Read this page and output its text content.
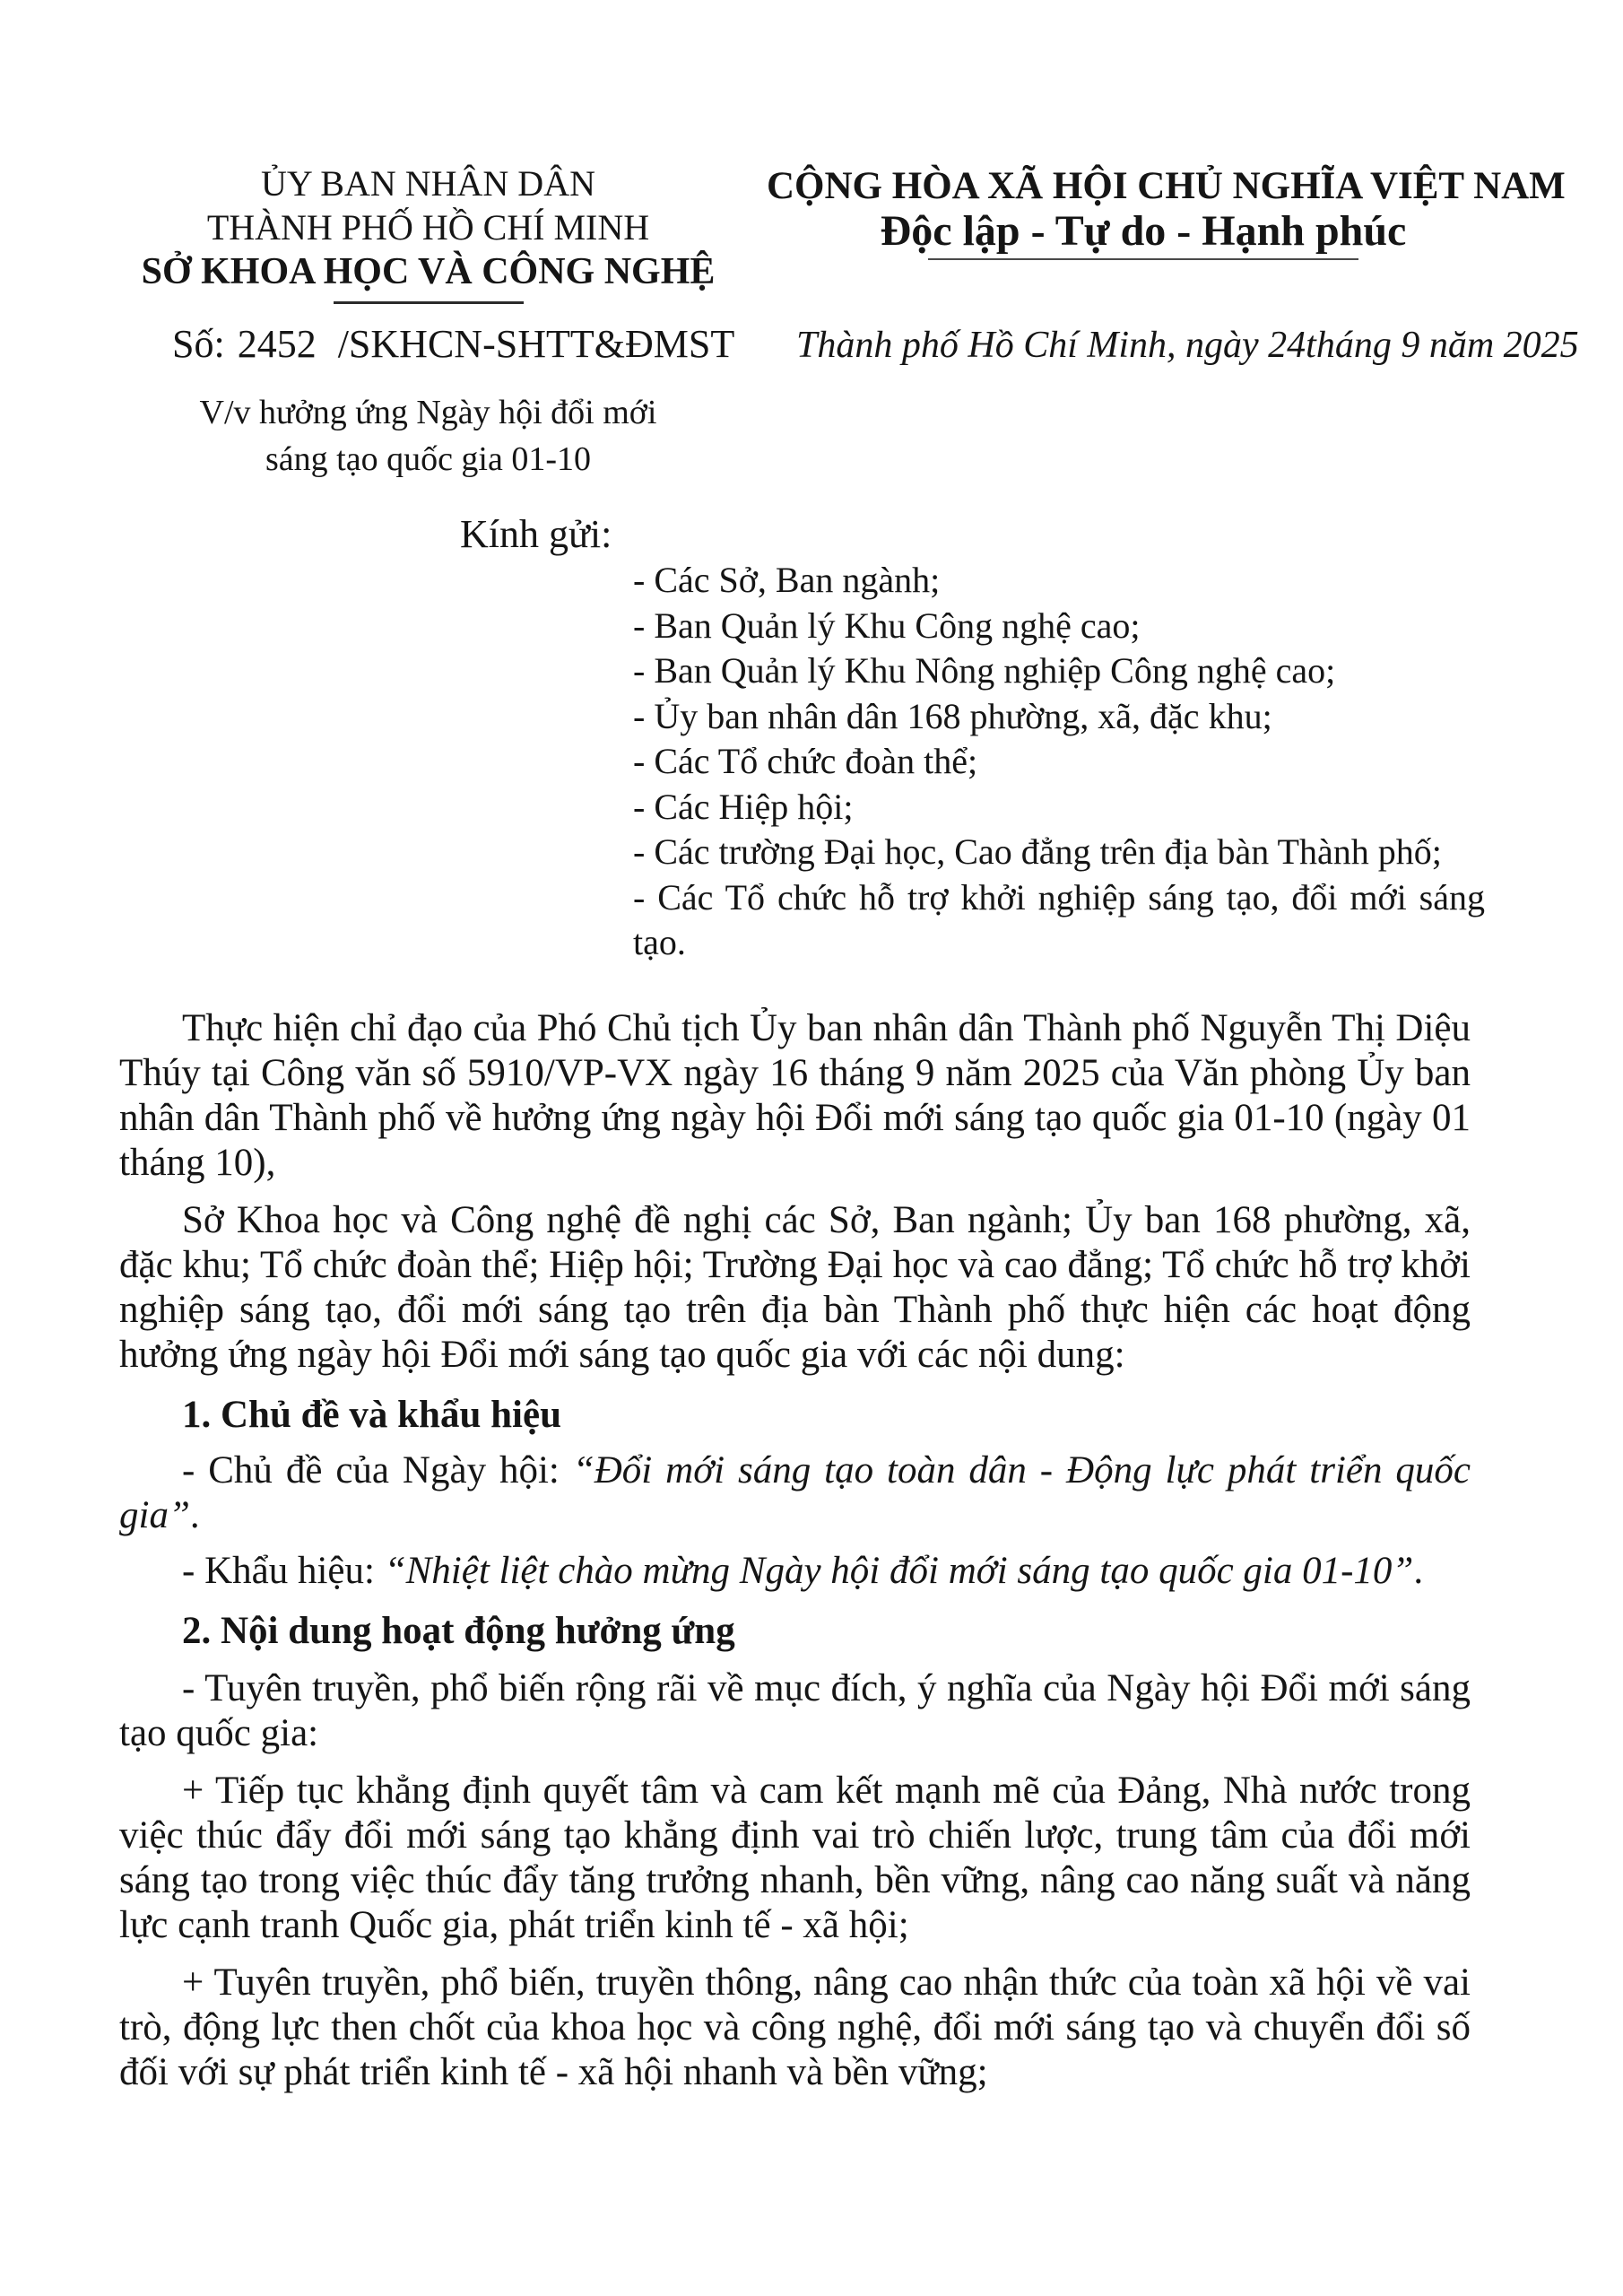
ỦY BAN NHÂN DÂN
THÀNH PHỐ HỒ CHÍ MINH
SỞ KHOA HỌC VÀ CÔNG NGHỆ
CỘNG HÒA XÃ HỘI CHỦ NGHĨA VIỆT NAM
Độc lập - Tự do - Hạnh phúc
Số: 2452 /SKHCN-SHTT&ĐMST Thành phố Hồ Chí Minh, ngày 24tháng 9 năm 2025
V/v hưởng ứng Ngày hội đổi mới
sáng tạo quốc gia 01-10
Kính gửi:
- Các Sở, Ban ngành;
- Ban Quản lý Khu Công nghệ cao;
- Ban Quản lý Khu Nông nghiệp Công nghệ cao;
- Ủy ban nhân dân 168 phường, xã, đặc khu;
- Các Tổ chức đoàn thể;
- Các Hiệp hội;
- Các trường Đại học, Cao đẳng trên địa bàn Thành phố;
- Các Tổ chức hỗ trợ khởi nghiệp sáng tạo, đổi mới sáng tạo.

Thực hiện chỉ đạo của Phó Chủ tịch Ủy ban nhân dân Thành phố Nguyễn Thị Diệu Thúy tại Công văn số 5910/VP-VX ngày 16 tháng 9 năm 2025 của Văn phòng Ủy ban nhân dân Thành phố về hưởng ứng ngày hội Đổi mới sáng tạo quốc gia 01-10 (ngày 01 tháng 10),

Sở Khoa học và Công nghệ đề nghị các Sở, Ban ngành; Ủy ban 168 phường, xã, đặc khu; Tổ chức đoàn thể; Hiệp hội; Trường Đại học và cao đẳng; Tổ chức hỗ trợ khởi nghiệp sáng tạo, đổi mới sáng tạo trên địa bàn Thành phố thực hiện các hoạt động hưởng ứng ngày hội Đổi mới sáng tạo quốc gia với các nội dung:

1. Chủ đề và khẩu hiệu

- Chủ đề của Ngày hội: “Đổi mới sáng tạo toàn dân - Động lực phát triển quốc gia”.

- Khẩu hiệu: “Nhiệt liệt chào mừng Ngày hội đổi mới sáng tạo quốc gia 01-10”.

2. Nội dung hoạt động hưởng ứng

- Tuyên truyền, phổ biến rộng rãi về mục đích, ý nghĩa của Ngày hội Đổi mới sáng tạo quốc gia:

+ Tiếp tục khẳng định quyết tâm và cam kết mạnh mẽ của Đảng, Nhà nước trong việc thúc đẩy đổi mới sáng tạo khẳng định vai trò chiến lược, trung tâm của đổi mới sáng tạo trong việc thúc đẩy tăng trưởng nhanh, bền vững, nâng cao năng suất và năng lực cạnh tranh Quốc gia, phát triển kinh tế - xã hội;

+ Tuyên truyền, phổ biến, truyền thông, nâng cao nhận thức của toàn xã hội về vai trò, động lực then chốt của khoa học và công nghệ, đổi mới sáng tạo và chuyển đổi số đối với sự phát triển kinh tế - xã hội nhanh và bền vững;
